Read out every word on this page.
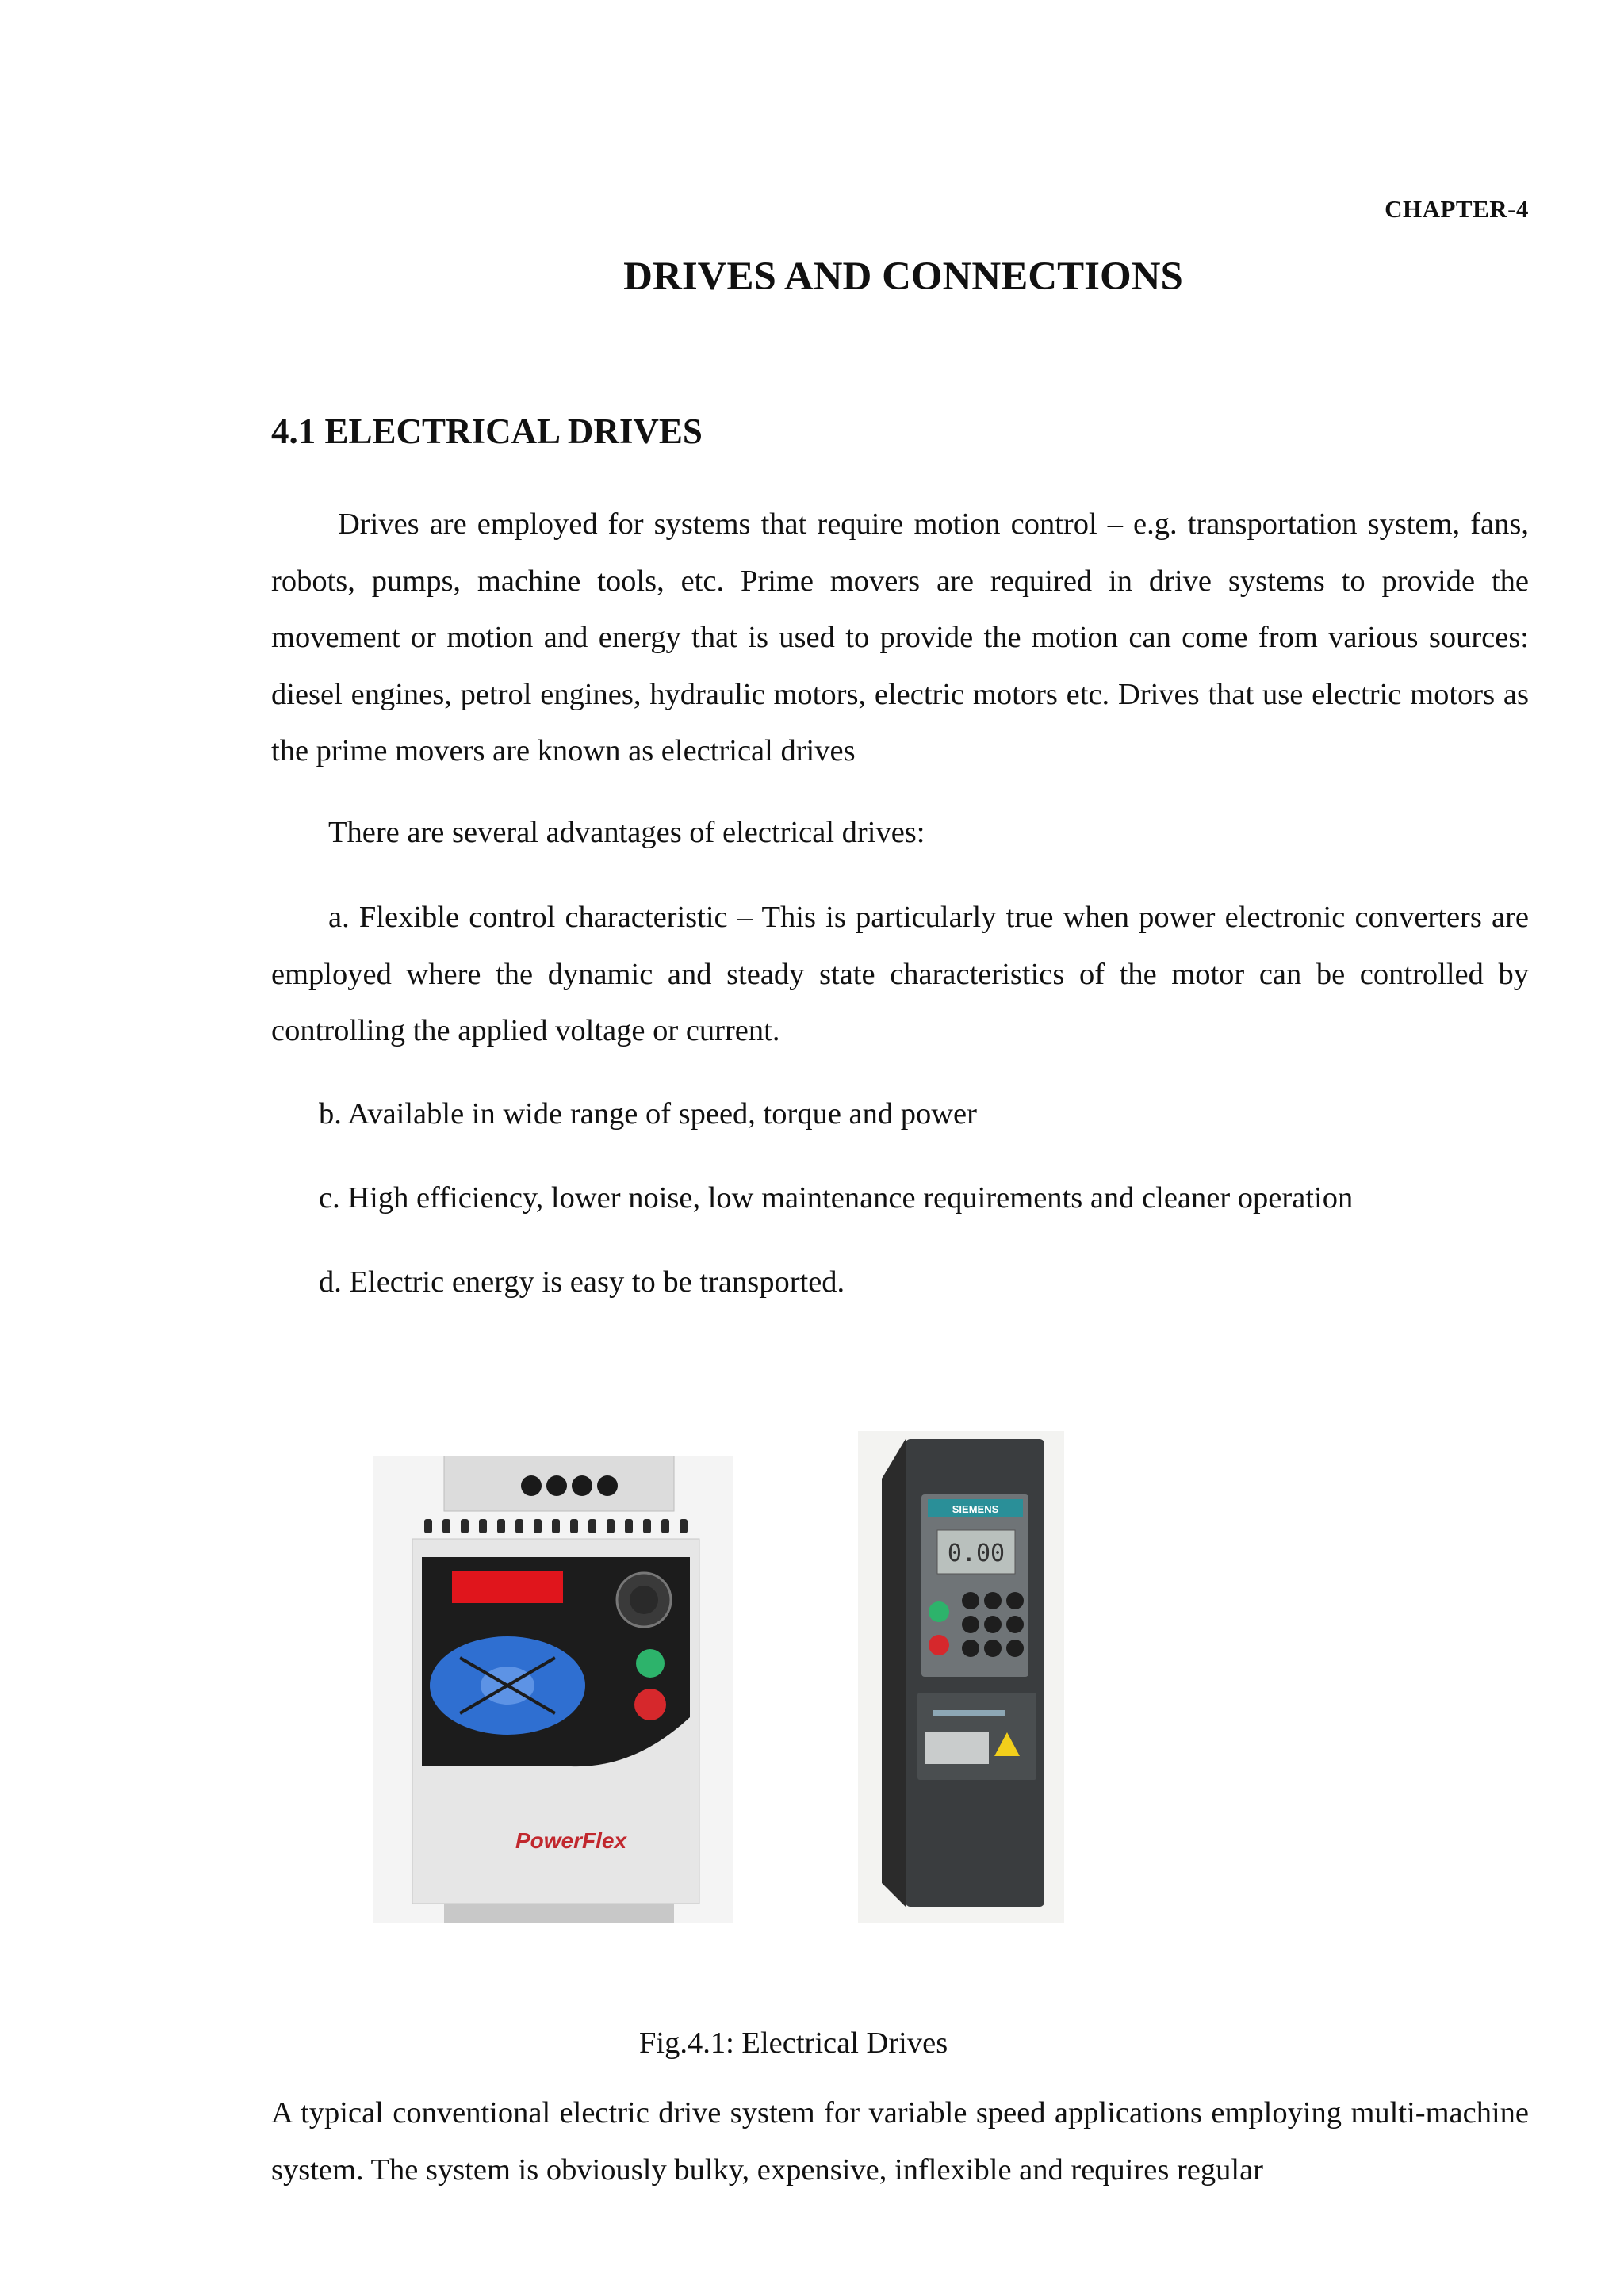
CHAPTER-4
DRIVES AND CONNECTIONS
4.1 ELECTRICAL DRIVES

Drives are employed for systems that require motion control – e.g. transportation system, fans, robots, pumps, machine tools, etc. Prime movers are required in drive systems to provide the movement or motion and energy that is used to provide the motion can come from various sources: diesel engines, petrol engines, hydraulic motors, electric motors etc. Drives that use electric motors as the prime movers are known as electrical drives

There are several advantages of electrical drives:

a. Flexible control characteristic – This is particularly true when power electronic converters are employed where the dynamic and steady state characteristics of the motor can be controlled by controlling the applied voltage or current.

b. Available in wide range of speed, torque and power

c. High efficiency, lower noise, low maintenance requirements and cleaner operation

d. Electric energy is easy to be transported.

PowerFlex
SIEMENS
0.00
Fig.4.1: Electrical Drives

A typical conventional electric drive system for variable speed applications employing multi-machine system. The system is obviously bulky, expensive, inflexible and requires regular
